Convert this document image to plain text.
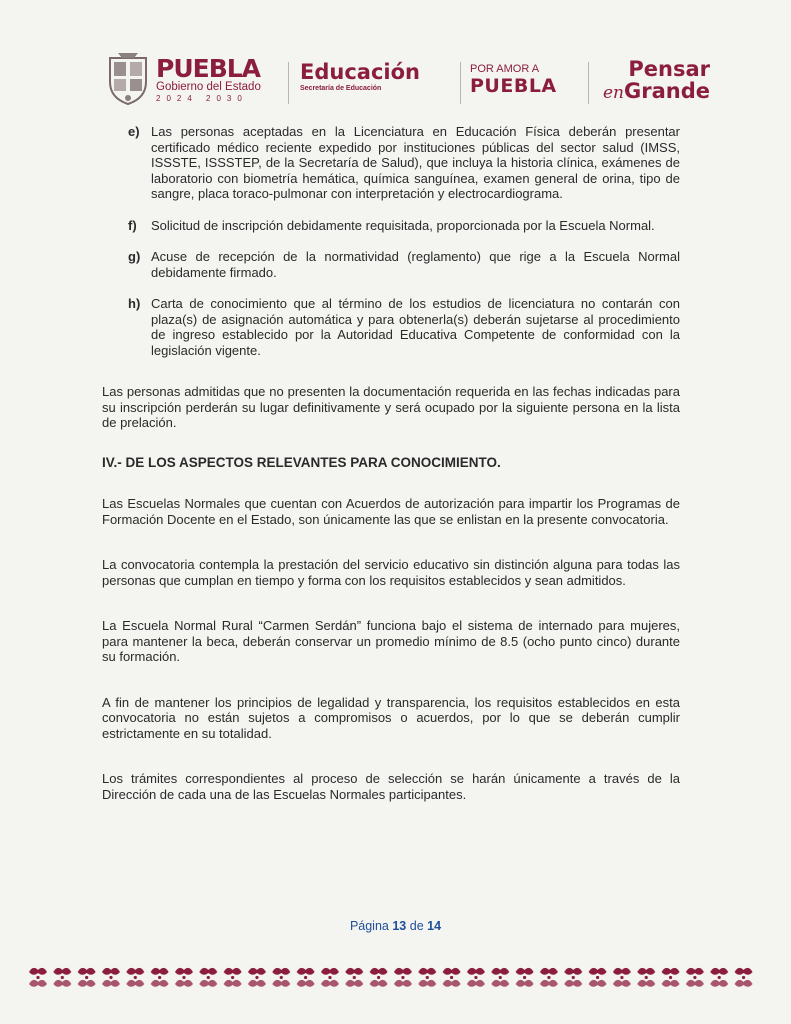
PUEBLA
Gobierno del Estado
2024 2030
Educación
Secretaría de Educación
POR AMOR A
PUEBLA
Pensar
enGrande
e) Las personas aceptadas en la Licenciatura en Educación Física deberán presentar certificado médico reciente expedido por instituciones públicas del sector salud (IMSS, ISSSTE, ISSSTEP, de la Secretaría de Salud), que incluya la historia clínica, exámenes de laboratorio con biometría hemática, química sanguínea, examen general de orina, tipo de sangre, placa toraco-pulmonar con interpretación y electrocardiograma.
f) Solicitud de inscripción debidamente requisitada, proporcionada por la Escuela Normal.
g) Acuse de recepción de la normatividad (reglamento) que rige a la Escuela Normal debidamente firmado.
h) Carta de conocimiento que al término de los estudios de licenciatura no contarán con plaza(s) de asignación automática y para obtenerla(s) deberán sujetarse al procedimiento de ingreso establecido por la Autoridad Educativa Competente de conformidad con la legislación vigente.

Las personas admitidas que no presenten la documentación requerida en las fechas indicadas para su inscripción perderán su lugar definitivamente y será ocupado por la siguiente persona en la lista de prelación.

IV.- DE LOS ASPECTOS RELEVANTES PARA CONOCIMIENTO.

Las Escuelas Normales que cuentan con Acuerdos de autorización para impartir los Programas de Formación Docente en el Estado, son únicamente las que se enlistan en la presente convocatoria.

La convocatoria contempla la prestación del servicio educativo sin distinción alguna para todas las personas que cumplan en tiempo y forma con los requisitos establecidos y sean admitidos.

La Escuela Normal Rural “Carmen Serdán” funciona bajo el sistema de internado para mujeres, para mantener la beca, deberán conservar un promedio mínimo de 8.5 (ocho punto cinco) durante su formación.

A fin de mantener los principios de legalidad y transparencia, los requisitos establecidos en esta convocatoria no están sujetos a compromisos o acuerdos, por lo que se deberán cumplir estrictamente en su totalidad.

Los trámites correspondientes al proceso de selección se harán únicamente a través de la Dirección de cada una de las Escuelas Normales participantes.

Página 13 de 14
